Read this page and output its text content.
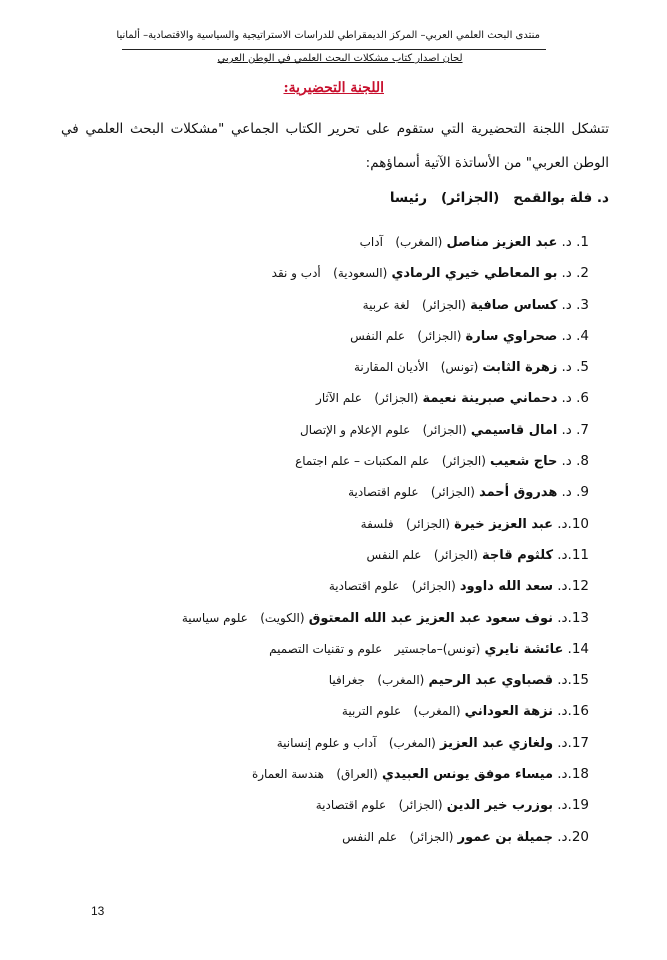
منتدى البحث العلمي العربي– المركز الديمقراطي للدراسات الاستراتيجية والسياسية والاقتصادية– ألمانيا
لجان اصدار كتاب مشكلات البحث العلمي في الوطن العربي
اللجنة التحضيرية:
تتشكل اللجنة التحضيرية التي ستقوم على تحرير الكتاب الجماعي "مشكلات البحث العلمي في الوطن العربي" من الأساتذة الآتية أسماؤهم:
د. فلة بوالقمح(الجزائر)رئيسا
1. د. عبد العزيز مناصل (المغرب)   آداب
2. د. بو المعاطي خيري الرمادي (السعودية)   أدب و نقد
3. د. كساس صافية (الجزائر)   لغة عربية
4. د. صحراوي سارة (الجزائر)   علم النفس
5. د. زهرة الثابت (تونس)   الأديان المقارنة
6. د. دحماني صبرينة نعيمة (الجزائر)   علم الآثار
7. د. امال قاسيمي (الجزائر)   علوم الإعلام و الإتصال
8. د. حاج شعيب (الجزائر)   علم المكتبات – علم اجتماع
9. د. هدروق أحمد (الجزائر)   علوم اقتصادية
10.د. عبد العزيز خيرة (الجزائر)   فلسفة
11.د. كلثوم قاجة (الجزائر)   علم النفس
12.د. سعد الله داوود (الجزائر)   علوم اقتصادية
13.د. نوف سعود عبد العزيز عبد الله المعتوق (الكويت)   علوم سياسية
14. عائشة نايري (تونس)–ماجستير   علوم و تقنيات التصميم
15.د. قصباوي عبد الرحيم (المغرب)   جغرافيا
16.د. نزهة العوداني (المغرب)   علوم التربية
17.د. ولغازي عبد العزيز (المغرب)   آداب و علوم إنسانية
18.د. ميساء موفق يونس العبيدي (العراق)   هندسة العمارة
19.د. بوزرب خير الدين (الجزائر)   علوم اقتصادية
20.د. جميلة بن عمور (الجزائر)   علم النفس
13
